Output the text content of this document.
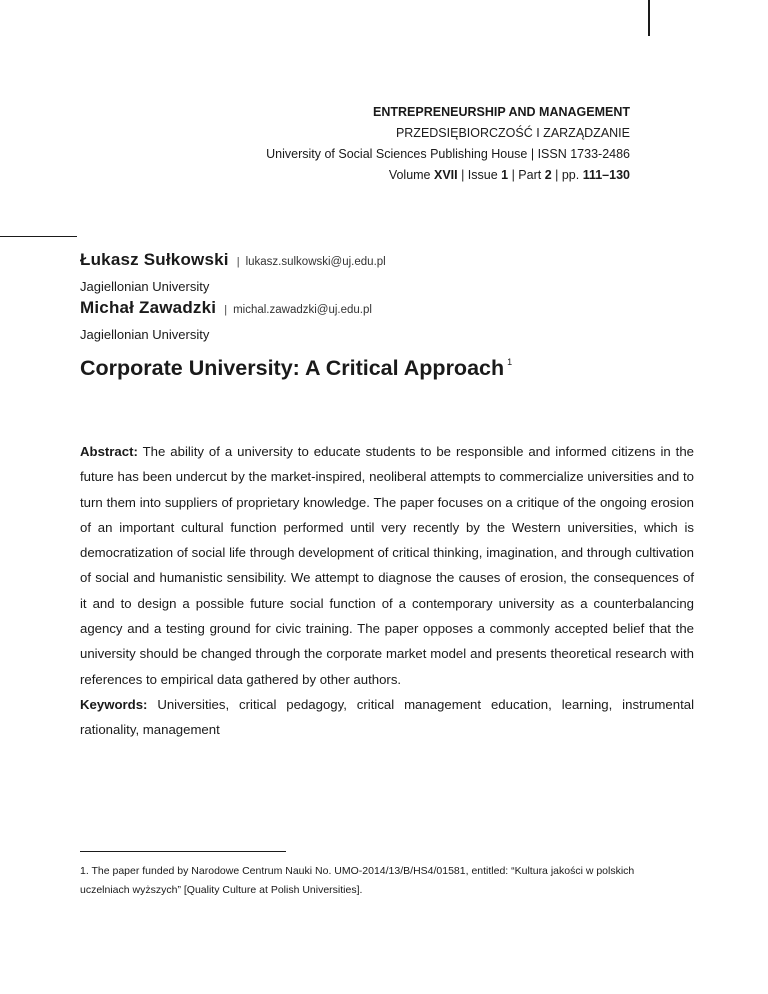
ENTREPRENEURSHIP AND MANAGEMENT
PRZEDSIĘBIORCZOŚĆ I ZARZĄDZANIE
University of Social Sciences Publishing House | ISSN 1733-2486
Volume XVII | Issue 1 | Part 2 | pp. 111–130
Łukasz Sułkowski | lukasz.sulkowski@uj.edu.pl
Jagiellonian University
Michał Zawadzki | michal.zawadzki@uj.edu.pl
Jagiellonian University
Corporate University: A Critical Approach $^1$

Abstract: The ability of a university to educate students to be responsible and informed citizens in the future has been undercut by the market-inspired, neoliberal attempts to commercialize universities and to turn them into suppliers of proprietary knowledge. The paper focuses on a critique of the ongoing erosion of an important cultural function performed until very recently by the Western universities, which is democratization of social life through development of critical thinking, imagination, and through cultivation of social and humanistic sensibility. We attempt to diagnose the causes of erosion, the consequences of it and to design a possible future social function of a contemporary university as a counterbalancing agency and a testing ground for civic training. The paper opposes a commonly accepted belief that the university should be changed through the corporate market model and presents theoretical research with references to empirical data gathered by other authors.

Keywords: Universities, critical pedagogy, critical management education, learning, instrumental rationality, management

1. The paper funded by Narodowe Centrum Nauki No. UMO-2014/13/B/HS4/01581, entitled: “Kultura jakości w polskich uczelniach wyższych” [Quality Culture at Polish Universities].
